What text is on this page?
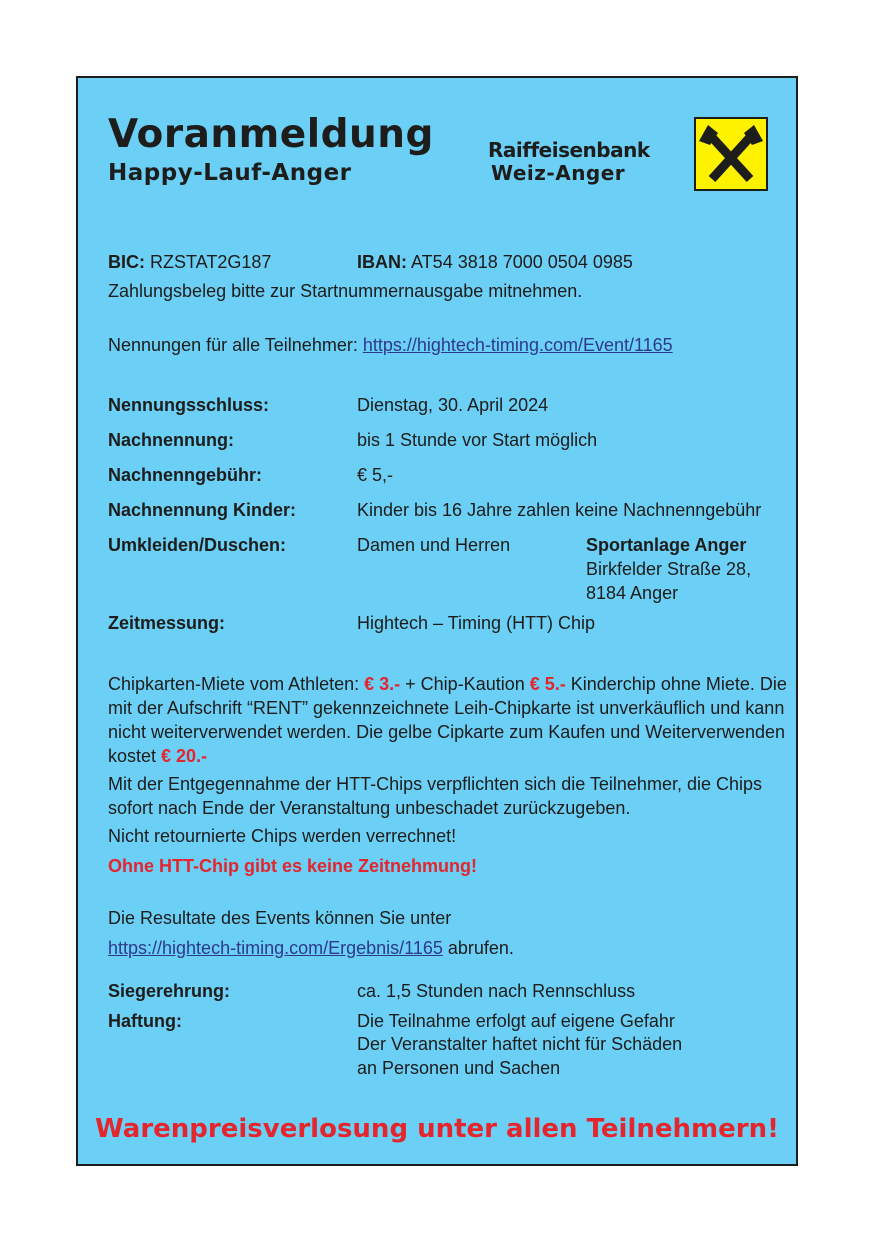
Voranmeldung
Happy-Lauf-Anger
Raiffeisenbank
Weiz-Anger
BIC: RZSTAT2G187	IBAN: AT54 3818 7000 0504 0985
Zahlungsbeleg bitte zur Startnummernausgabe mitnehmen.
Nennungen für alle Teilnehmer: https://hightech-timing.com/Event/1165
Nennungsschluss:	Dienstag, 30. April 2024
Nachnennung:	bis 1 Stunde vor Start möglich
Nachnenngebühr:	€ 5,-
Nachnennung Kinder:	Kinder bis 16 Jahre zahlen keine Nachnenngebühr
Umkleiden/Duschen:	Damen und Herren	Sportanlage Anger
Birkfelder Straße 28,
8184 Anger
Zeitmessung:	Hightech – Timing (HTT) Chip
Chipkarten-Miete vom Athleten: € 3.- + Chip-Kaution € 5.- Kinderchip ohne Miete. Die mit der Aufschrift “RENT” gekennzeichnete Leih-Chipkarte ist unverkäuflich und kann nicht weiterverwendet werden. Die gelbe Cipkarte zum Kaufen und Weiterverwenden kostet € 20.-
Mit der Entgegennahme der HTT-Chips verpflichten sich die Teilnehmer, die Chips sofort nach Ende der Veranstaltung unbeschadet zurückzugeben.
Nicht retournierte Chips werden verrechnet!
Ohne HTT-Chip gibt es keine Zeitnehmung!
Die Resultate des Events können Sie unter
https://hightech-timing.com/Ergebnis/1165 abrufen.
Siegerehrung:	ca. 1,5 Stunden nach Rennschluss
Haftung:	Die Teilnahme erfolgt auf eigene Gefahr
Der Veranstalter haftet nicht für Schäden
an Personen und Sachen
Warenpreisverlosung unter allen Teilnehmern!
